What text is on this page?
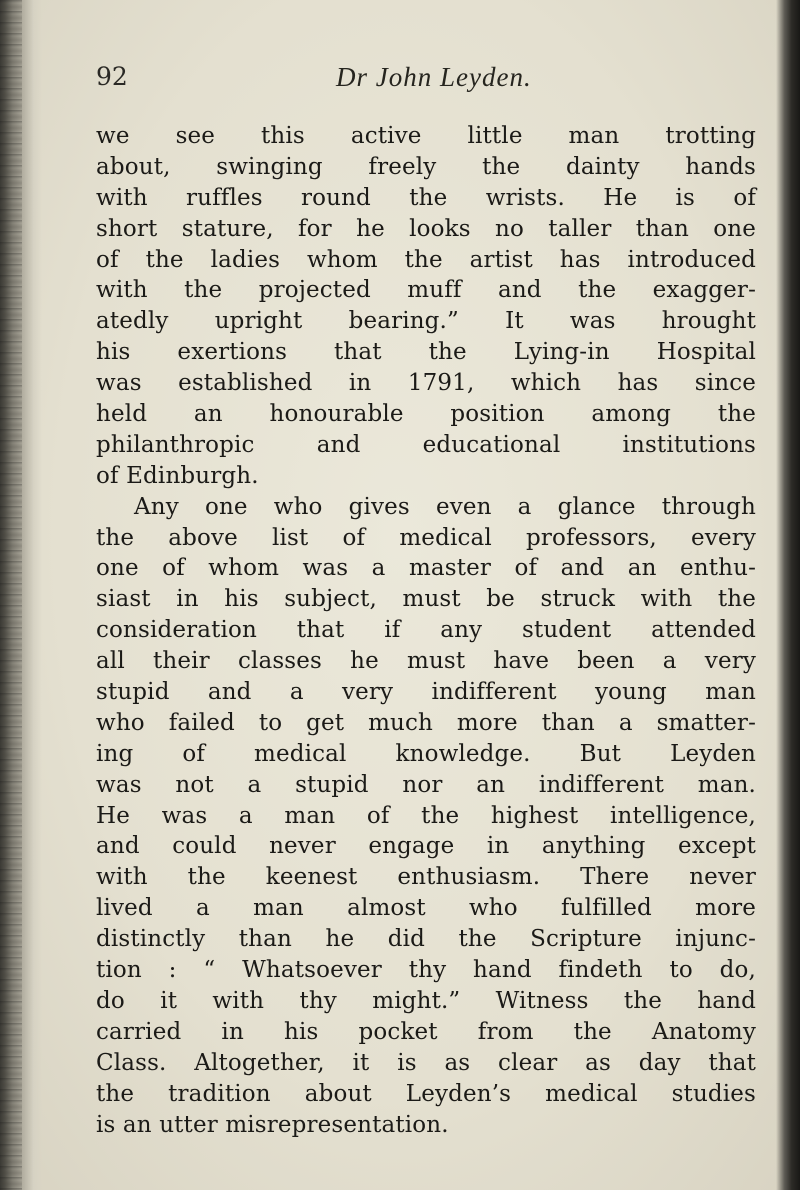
92	Dr John Leyden.
we see this active little man trotting
about, swinging freely the dainty hands
with ruffles round the wrists. He is of
short stature, for he looks no taller than one
of the ladies whom the artist has introduced
with the projected muff and the exagger-
atedly upright bearing.” It was hrought
his exertions that the Lying-in Hospital
was established in 1791, which has since
held an honourable position among the
philanthropic and educational institutions
of Edinburgh.
Any one who gives even a glance through
the above list of medical professors, every
one of whom was a master of and an enthu-
siast in his subject, must be struck with the
consideration that if any student attended
all their classes he must have been a very
stupid and a very indifferent young man
who failed to get much more than a smatter-
ing of medical knowledge. But Leyden
was not a stupid nor an indifferent man.
He was a man of the highest intelligence,
and could never engage in anything except
with the keenest enthusiasm. There never
lived a man almost who fulfilled more
distinctly than he did the Scripture injunc-
tion : “ Whatsoever thy hand findeth to do,
do it with thy might.” Witness the hand
carried in his pocket from the Anatomy
Class. Altogether, it is as clear as day that
the tradition about Leyden’s medical studies
is an utter misrepresentation.
